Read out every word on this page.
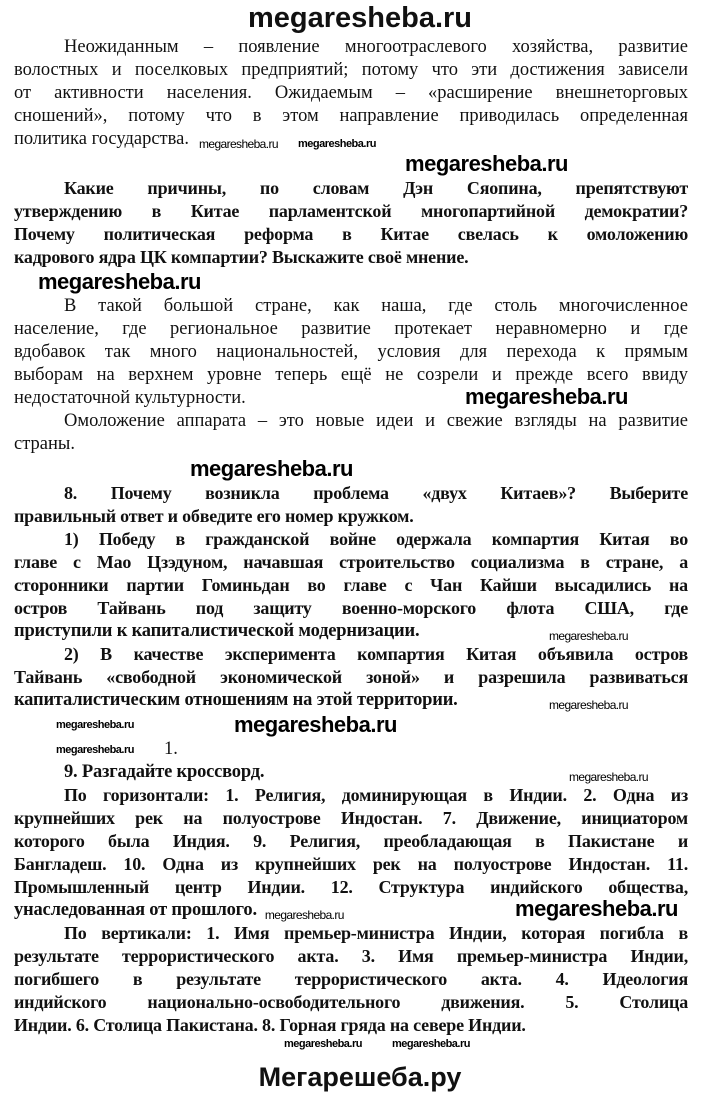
megaresheba.ru
Неожиданным – появление многоотраслевого хозяйства, развитие
волостных и поселковых предприятий; потому что эти достижения зависели
от активности населения. Ожидаемым – «расширение внешнеторговых
сношений», потому что в этом направление приводилась определенная
политика государства. megaresheba.ru megaresheba.ru
megaresheba.ru
Какие причины, по словам Дэн Сяопина, препятствуют
утверждению в Китае парламентской многопартийной демократии?
Почему политическая реформа в Китае свелась к омоложению
кадрового ядра ЦК компартии? Выскажите своё мнение.
megaresheba.ru
В такой большой стране, как наша, где столь многочисленное
население, где региональное развитие протекает неравномерно и где
вдобавок так много национальностей, условия для перехода к прямым
выборам на верхнем уровне теперь ещё не созрели и прежде всего ввиду
недостаточной культурности.	megaresheba.ru
Омоложение аппарата – это новые идеи и свежие взгляды на развитие
страны.
megaresheba.ru
8. Почему возникла проблема «двух Китаев»? Выберите
правильный ответ и обведите его номер кружком.
1) Победу в гражданской войне одержала компартия Китая во
главе с Мао Цзэдуном, начавшая строительство социализма в стране, а
сторонники партии Гоминьдан во главе с Чан Кайши высадились на
остров Тайвань под защиту военно-морского флота США, где
приступили к капиталистической модернизации.	megaresheba.ru
2) В качестве эксперимента компартия Китая объявила остров
Тайвань «свободной экономической зоной» и разрешила развиваться
капиталистическим отношениям на этой территории.	megaresheba.ru
megaresheba.ru	megaresheba.ru
megaresheba.ru 1.
9. Разгадайте кроссворд.	megaresheba.ru
По горизонтали: 1. Религия, доминирующая в Индии. 2. Одна из
крупнейших рек на полуострове Индостан. 7. Движение, инициатором
которого была Индия. 9. Религия, преобладающая в Пакистане и
Бангладеш. 10. Одна из крупнейших рек на полуострове Индостан. 11.
Промышленный центр Индии. 12. Структура индийского общества,
унаследованная от прошлого. megaresheba.ru	megaresheba.ru
По вертикали: 1. Имя премьер-министра Индии, которая погибла в
результате террористического акта. 3. Имя премьер-министра Индии,
погибшего в результате террористического акта. 4. Идеология
индийского национально-освободительного движения. 5. Столица
Индии. 6. Столица Пакистана. 8. Горная гряда на севере Индии.
megaresheba.ru	megaresheba.ru
Мегарешеба.ру
